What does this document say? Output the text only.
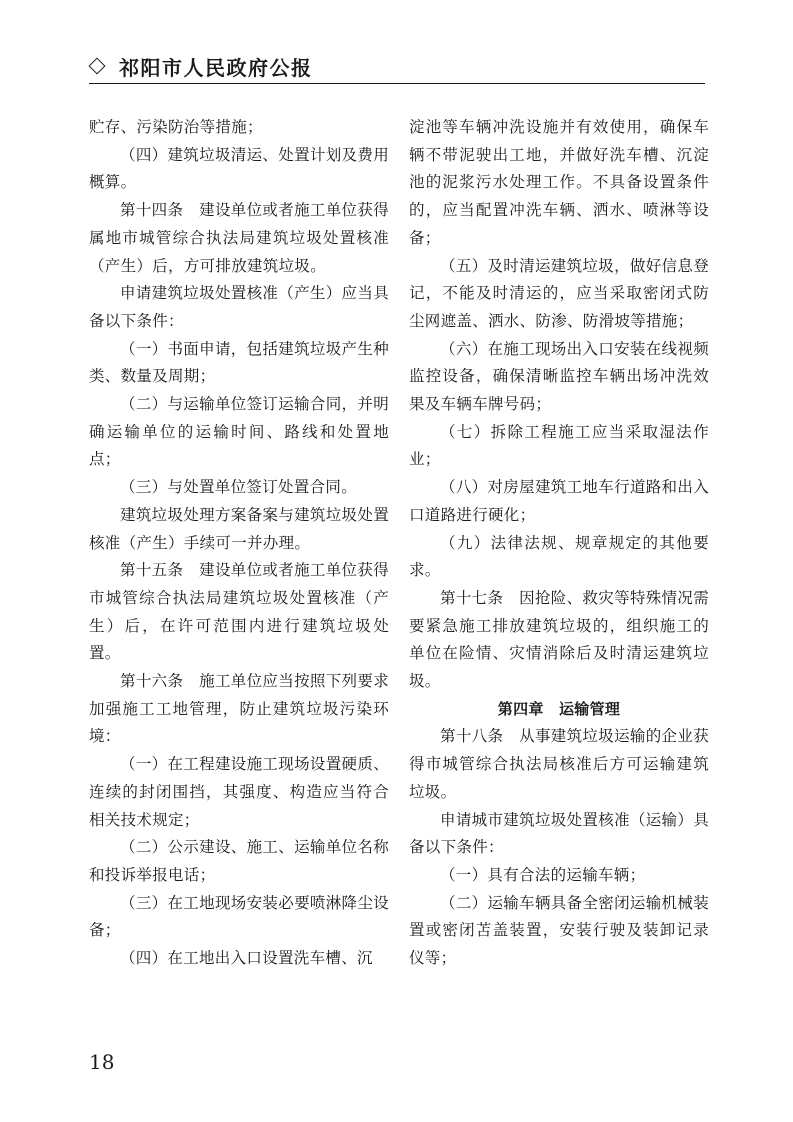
祁阳市人民政府公报

贮存、污染防治等措施；

（四）建筑垃圾清运、处置计划及费用概算。

第十四条　建设单位或者施工单位获得属地市城管综合执法局建筑垃圾处置核准（产生）后，方可排放建筑垃圾。

申请建筑垃圾处置核准（产生）应当具备以下条件：

（一）书面申请，包括建筑垃圾产生种类、数量及周期；

（二）与运输单位签订运输合同，并明确运输单位的运输时间、路线和处置地点；

（三）与处置单位签订处置合同。

建筑垃圾处理方案备案与建筑垃圾处置核准（产生）手续可一并办理。

第十五条　建设单位或者施工单位获得市城管综合执法局建筑垃圾处置核准（产生）后，在许可范围内进行建筑垃圾处置。

第十六条　施工单位应当按照下列要求加强施工工地管理，防止建筑垃圾污染环境：

（一）在工程建设施工现场设置硬质、连续的封闭围挡，其强度、构造应当符合相关技术规定；

（二）公示建设、施工、运输单位名称和投诉举报电话；

（三）在工地现场安装必要喷淋降尘设备；

（四）在工地出入口设置洗车槽、沉

淀池等车辆冲洗设施并有效使用，确保车辆不带泥驶出工地，并做好洗车槽、沉淀池的泥浆污水处理工作。不具备设置条件的，应当配置冲洗车辆、洒水、喷淋等设备；

（五）及时清运建筑垃圾，做好信息登记，不能及时清运的，应当采取密闭式防尘网遮盖、洒水、防渗、防滑坡等措施；

（六）在施工现场出入口安装在线视频监控设备，确保清晰监控车辆出场冲洗效果及车辆车牌号码；

（七）拆除工程施工应当采取湿法作业；

（八）对房屋建筑工地车行道路和出入口道路进行硬化；

（九）法律法规、规章规定的其他要求。

第十七条　因抢险、救灾等特殊情况需要紧急施工排放建筑垃圾的，组织施工的单位在险情、灾情消除后及时清运建筑垃圾。

第四章　运输管理

第十八条　从事建筑垃圾运输的企业获得市城管综合执法局核准后方可运输建筑垃圾。

申请城市建筑垃圾处置核准（运输）具备以下条件：

（一）具有合法的运输车辆；

（二）运输车辆具备全密闭运输机械装置或密闭苫盖装置，安装行驶及装卸记录仪等；

18
